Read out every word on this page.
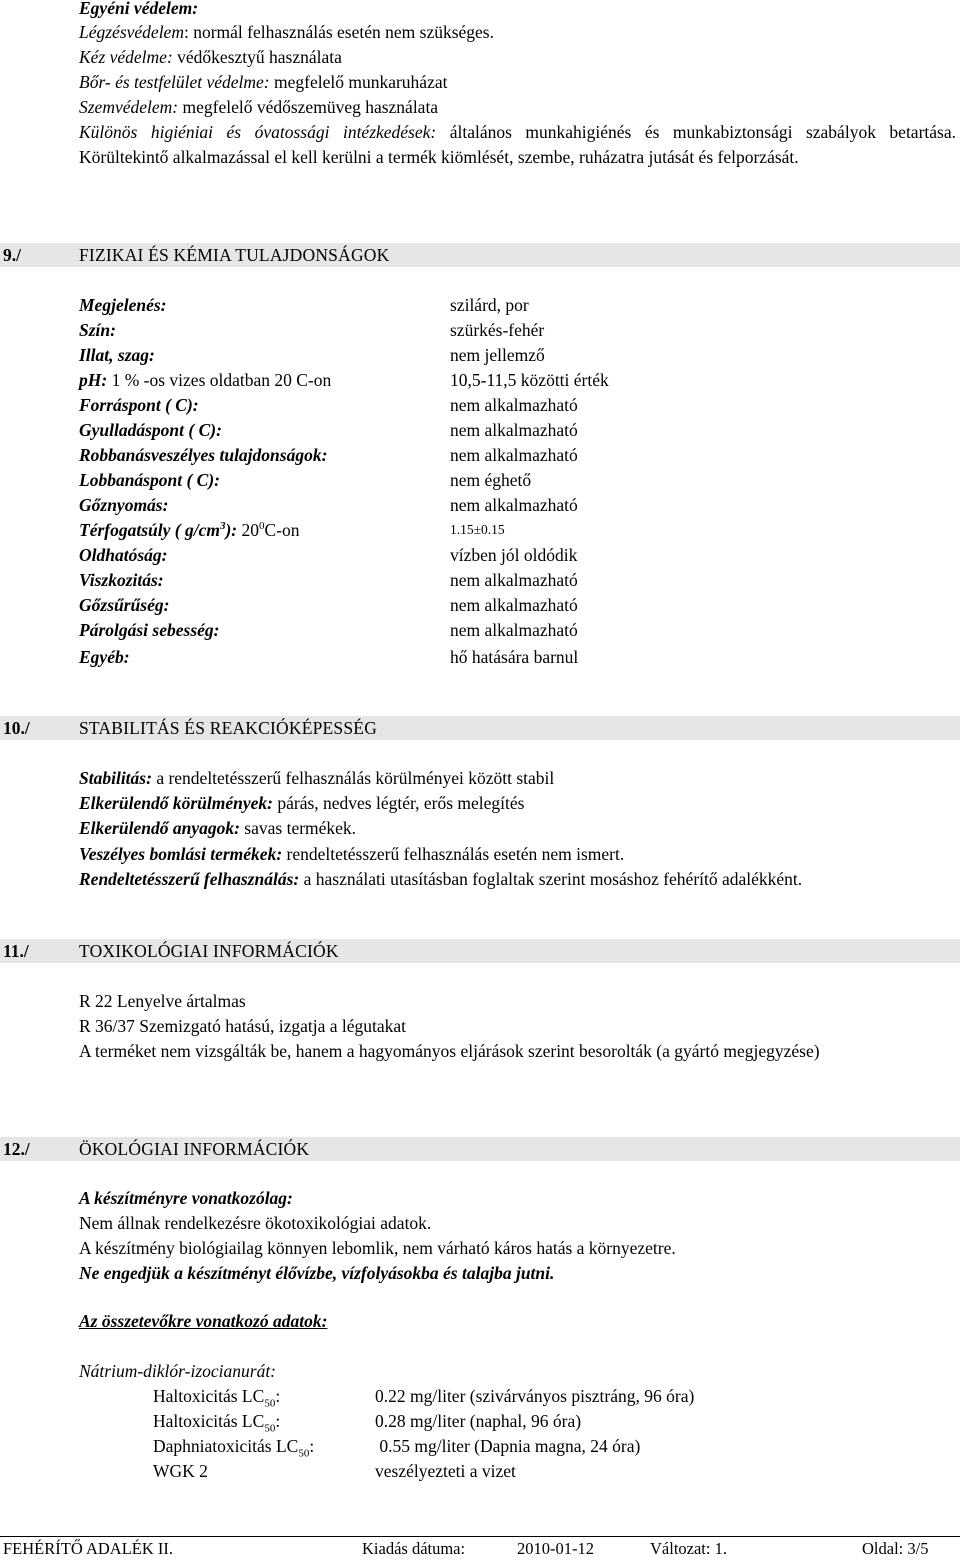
Egyéni védelem:
Légzésvédelem: normál felhasználás esetén nem szükséges.
Kéz védelme: védőkesztyű használata
Bőr- és testfelület védelme: megfelelő munkaruházat
Szemvédelem: megfelelő védőszemüveg használata
Különös higiéniai és óvatossági intézkedések: általános munkahigiénés és munkabiztonsági szabályok betartása. Körültekintő alkalmazással el kell kerülni a termék kiömlését, szembe, ruházatra jutását és felporzását.
9./	FIZIKAI ÉS KÉMIA TULAJDONSÁGOK
Megjelenés:	szilárd, por
Szín:	szürkés-fehér
Illat, szag:	nem jellemző
pH: 1 % -os vizes oldatban 20 C-on	10,5-11,5 közötti érték
Forráspont ( C):	nem alkalmazható
Gyulladáspont ( C):	nem alkalmazható
Robbanásveszélyes tulajdonságok:	nem alkalmazható
Lobbanáspont ( C):	nem éghető
Gőznyomás:	nem alkalmazható
Térfogatsúly ( $g/cm^3$): $20^0C-on$	1.15±0.15
Oldhatóság:	vízben jól oldódik
Viszkozitás:	nem alkalmazható
Gőzsűrűség:	nem alkalmazható
Párolgási sebesség:	nem alkalmazható
Egyéb:	hő hatására barnul
10./	STABILITÁS ÉS REAKCIÓKÉPESSÉG
Stabilitás: a rendeltetésszerű felhasználás körülményei között stabil
Elkerülendő körülmények: párás, nedves légtér, erős melegítés
Elkerülendő anyagok: savas termékek.
Veszélyes bomlási termékek: rendeltetésszerű felhasználás esetén nem ismert.
Rendeltetésszerű felhasználás: a használati utasításban foglaltak szerint mosáshoz fehérítő adalékként.
11./	TOXIKOLÓGIAI INFORMÁCIÓK
R 22 Lenyelve ártalmas
R 36/37 Szemizgató hatású, izgatja a légutakat
A terméket nem vizsgálták be, hanem a hagyományos eljárások szerint besorolták (a gyártó megjegyzése)
12./	ÖKOLÓGIAI INFORMÁCIÓK
A készítményre vonatkozólag:
Nem állnak rendelkezésre ökotoxikológiai adatok.
A készítmény biológiailag könnyen lebomlik, nem várható káros hatás a környezetre.
Ne engedjük a készítményt élővízbe, vízfolyásokba és talajba jutni.
Az összetevőkre vonatkozó adatok:
Nátrium-diklór-izocianurát:
Haltoxicitás $LC_{50}$:	0.22 mg/liter (szivárványos pisztráng, 96 óra)
Haltoxicitás $LC_{50}$:	0.28 mg/liter (naphal, 96 óra)
Daphniatoxicitás $LC_{50}$:	0.55 mg/liter (Dapnia magna, 24 óra)
WGK 2	veszélyezteti a vizet
FEHÉRÍTŐ ADALÉK II.	Kiadás dátuma:	2010-01-12	Változat: 1.	Oldal: 3/5
